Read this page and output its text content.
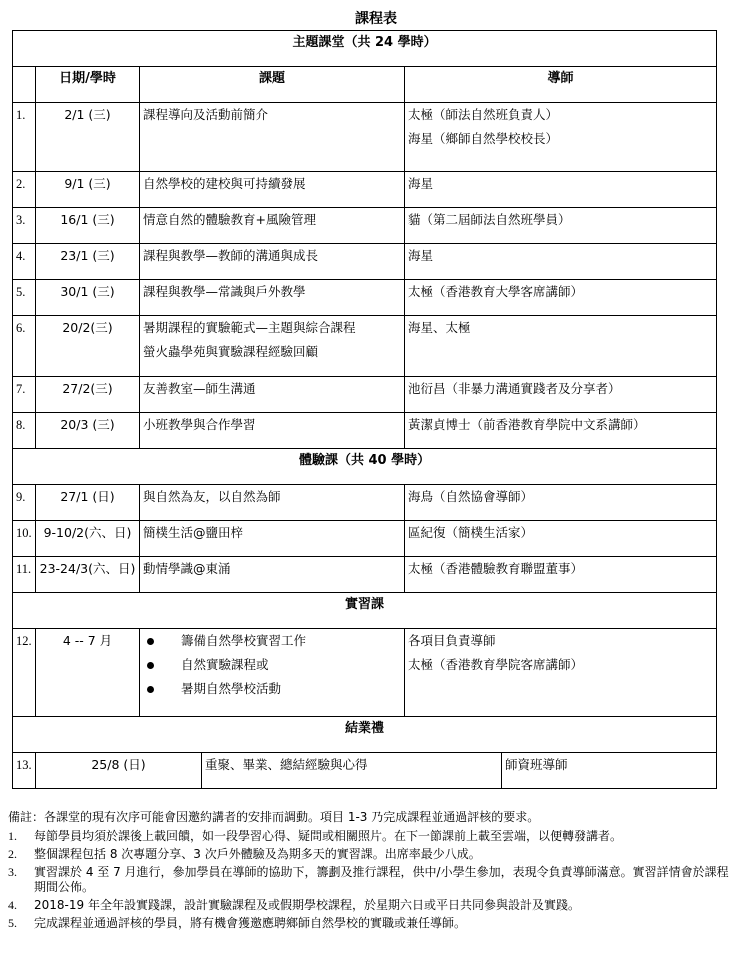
課程表
主題課堂（共 24 學時）					
	日期/學時	課題		導師	
1.	2/1 (三)	課程導向及活動前簡介		太極（師法自然班負責人）
海星（鄉師自然學校校長）	

2.	9/1 (三)	自然學校的建校與可持續發展		海星	

3.	16/1 (三)	情意自然的體驗教育+風險管理		貓（第二屆師法自然班學員）	

4.	23/1 (三)	課程與教學—教師的溝通與成長		海星	

5.	30/1 (三)	課程與教學—常識與戶外教學		太極（香港教育大學客席講師）	

6.	20/2(三)	暑期課程的實驗範式—主題與綜合課程
螢火蟲學苑與實驗課程經驗回顧		海星、太極	

7.	27/2(三)	友善教室—師生溝通		池衍昌（非暴力溝通實踐者及分享者）	

8.	20/3 (三)	小班教學與合作學習		黃潔貞博士（前香港教育學院中文系講師）	

體驗課（共 40 學時）					
9.	27/1 (日)	與自然為友，以自然為師		海鳥（自然協會導師）	

10.	9-10/2(六、日)	簡樸生活@鹽田梓		區紀復（簡樸生活家）	

11.	23-24/3(六、日)	動情學識@東涌		太極（香港體驗教育聯盟董事）	

實習課					
12.	4 -- 7 月	籌備自然學校實習工作
自然實驗課程或
暑期自然學校活動		各項目負責導師
太極（香港教育學院客席講師）	

結業禮					
13.	25/8 (日)		重聚、畢業、總結經驗與心得		師資班導師
備註：各課堂的現有次序可能會因邀約講者的安排而調動。項目 1-3 乃完成課程並通過評核的要求。
1.	每節學員均須於課後上載回饋，如一段學習心得、疑問或相關照片。在下一節課前上載至雲端，以便轉發講者。
2.	整個課程包括 8 次專題分享、3 次戶外體驗及為期多天的實習課。出席率最少八成。
3.	實習課於 4 至 7 月進行，參加學員在導師的協助下，籌劃及推行課程，供中/小學生參加，表現令負責導師滿意。實習詳情會於課程期間公佈。
4.	2018-19 年全年設實踐課，設計實驗課程及或假期學校課程，於星期六日或平日共同參與設計及實踐。
5.	完成課程並通過評核的學員，將有機會獲邀應聘鄉師自然學校的實職或兼任導師。
